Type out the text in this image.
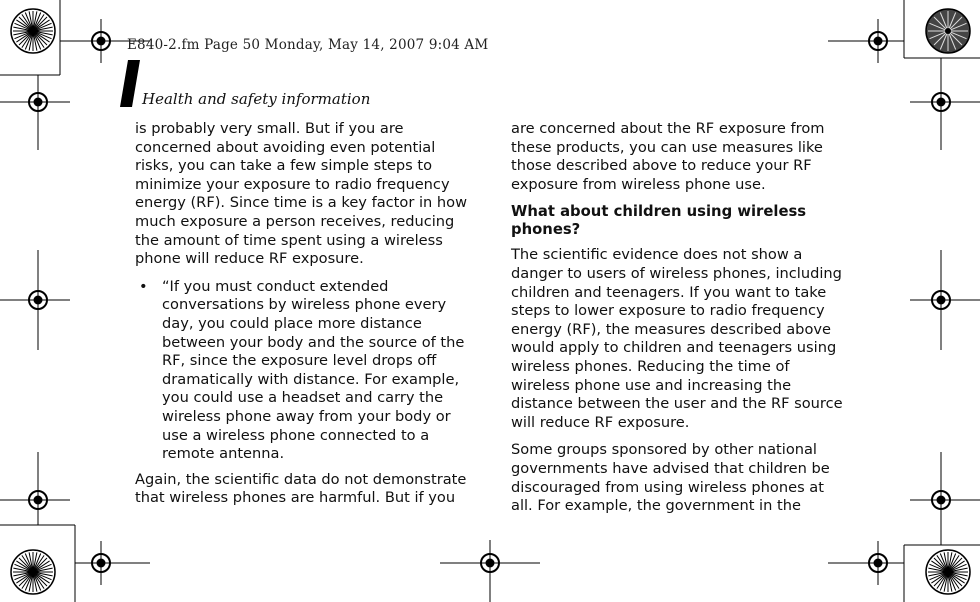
E840-2.fm Page 50 Monday, May 14, 2007 9:04 AM
Health and safety information

is probably very small. But if you are concerned about avoiding even potential risks, you can take a few simple steps to minimize your exposure to radio frequency energy (RF). Since time is a key factor in how much exposure a person receives, reducing the amount of time spent using a wireless phone will reduce RF exposure.

• “If you must conduct extended conversations by wireless phone every day, you could place more distance between your body and the source of the RF, since the exposure level drops off dramatically with distance. For example, you could use a headset and carry the wireless phone away from your body or use a wireless phone connected to a remote antenna.

Again, the scientific data do not demonstrate that wireless phones are harmful. But if you

are concerned about the RF exposure from these products, you can use measures like those described above to reduce your RF exposure from wireless phone use.

What about children using wireless phones?

The scientific evidence does not show a danger to users of wireless phones, including children and teenagers. If you want to take steps to lower exposure to radio frequency energy (RF), the measures described above would apply to children and teenagers using wireless phones. Reducing the time of wireless phone use and increasing the distance between the user and the RF source will reduce RF exposure.

Some groups sponsored by other national governments have advised that children be discouraged from using wireless phones at all. For example, the government in the
